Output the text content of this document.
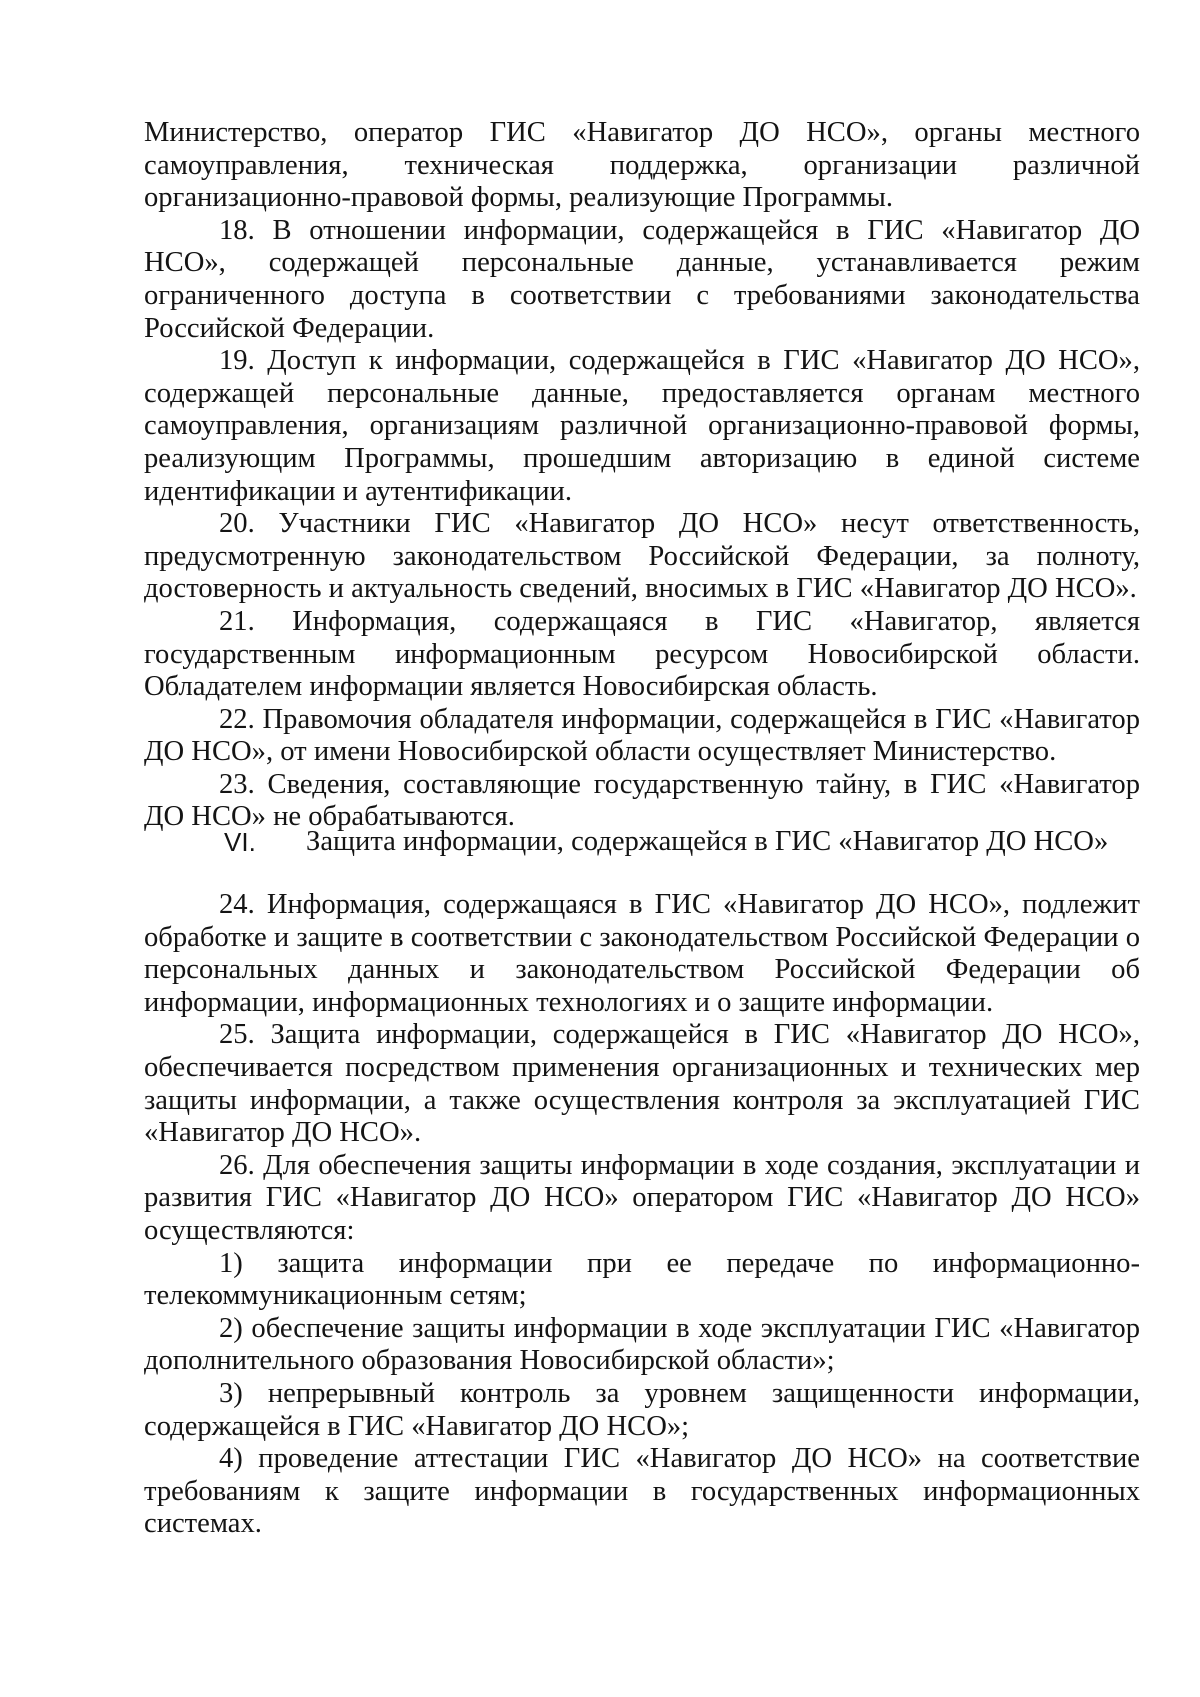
Министерство, оператор ГИС «Навигатор ДО НСО», органы местного самоуправления, техническая поддержка, организации различной организационно-правовой формы, реализующие Программы.

18. В отношении информации, содержащейся в ГИС «Навигатор ДО НСО», содержащей персональные данные, устанавливается режим ограниченного доступа в соответствии с требованиями законодательства Российской Федерации.

19. Доступ к информации, содержащейся в ГИС «Навигатор ДО НСО», содержащей персональные данные, предоставляется органам местного самоуправления, организациям различной организационно-правовой формы, реализующим Программы, прошедшим авторизацию в единой системе идентификации и аутентификации.

20. Участники ГИС «Навигатор ДО НСО» несут ответственность, предусмотренную законодательством Российской Федерации, за полноту, достоверность и актуальность сведений, вносимых в ГИС «Навигатор ДО НСО».

21. Информация, содержащаяся в ГИС «Навигатор, является государственным информационным ресурсом Новосибирской области. Обладателем информации является Новосибирская область.

22. Правомочия обладателя информации, содержащейся в ГИС «Навигатор ДО НСО», от имени Новосибирской области осуществляет Министерство.

23. Сведения, составляющие государственную тайну, в ГИС «Навигатор ДО НСО» не обрабатываются.

VI. Защита информации, содержащейся в ГИС «Навигатор ДО НСО»

24. Информация, содержащаяся в ГИС «Навигатор ДО НСО», подлежит обработке и защите в соответствии с законодательством Российской Федерации о персональных данных и законодательством Российской Федерации об информации, информационных технологиях и о защите информации.

25. Защита информации, содержащейся в ГИС «Навигатор ДО НСО», обеспечивается посредством применения организационных и технических мер защиты информации, а также осуществления контроля за эксплуатацией ГИС «Навигатор ДО НСО».

26. Для обеспечения защиты информации в ходе создания, эксплуатации и развития ГИС «Навигатор ДО НСО» оператором ГИС «Навигатор ДО НСО» осуществляются:

1) защита информации при ее передаче по информационно-телекоммуникационным сетям;

2) обеспечение защиты информации в ходе эксплуатации ГИС «Навигатор дополнительного образования Новосибирской области»;

3) непрерывный контроль за уровнем защищенности информации, содержащейся в ГИС «Навигатор ДО НСО»;

4) проведение аттестации ГИС «Навигатор ДО НСО» на соответствие требованиям к защите информации в государственных информационных системах.
